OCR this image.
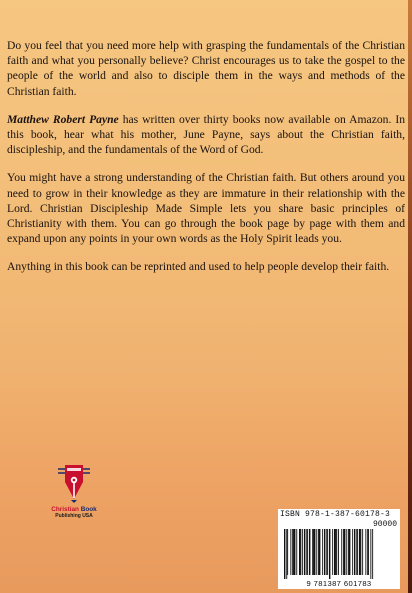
Do you feel that you need more help with grasping the fundamentals of the Christian faith and what you personally believe? Christ encourages us to take the gospel to the people of the world and also to disciple them in the ways and methods of the Christian faith.

Matthew Robert Payne has written over thirty books now available on Amazon. In this book, hear what his mother, June Payne, says about the Christian faith, discipleship, and the fundamentals of the Word of God.

You might have a strong understanding of the Christian faith. But others around you need to grow in their knowledge as they are immature in their relationship with the Lord. Christian Discipleship Made Simple lets you share basic principles of Christianity with them. You can go through the book page by page with them and expand upon any points in your own words as the Holy Spirit leads you.

Anything in this book can be reprinted and used to help people develop their faith.

Christian Book
Publishing USA	ISBN 978-1-387-60178-3
90000
9 781387 601783
